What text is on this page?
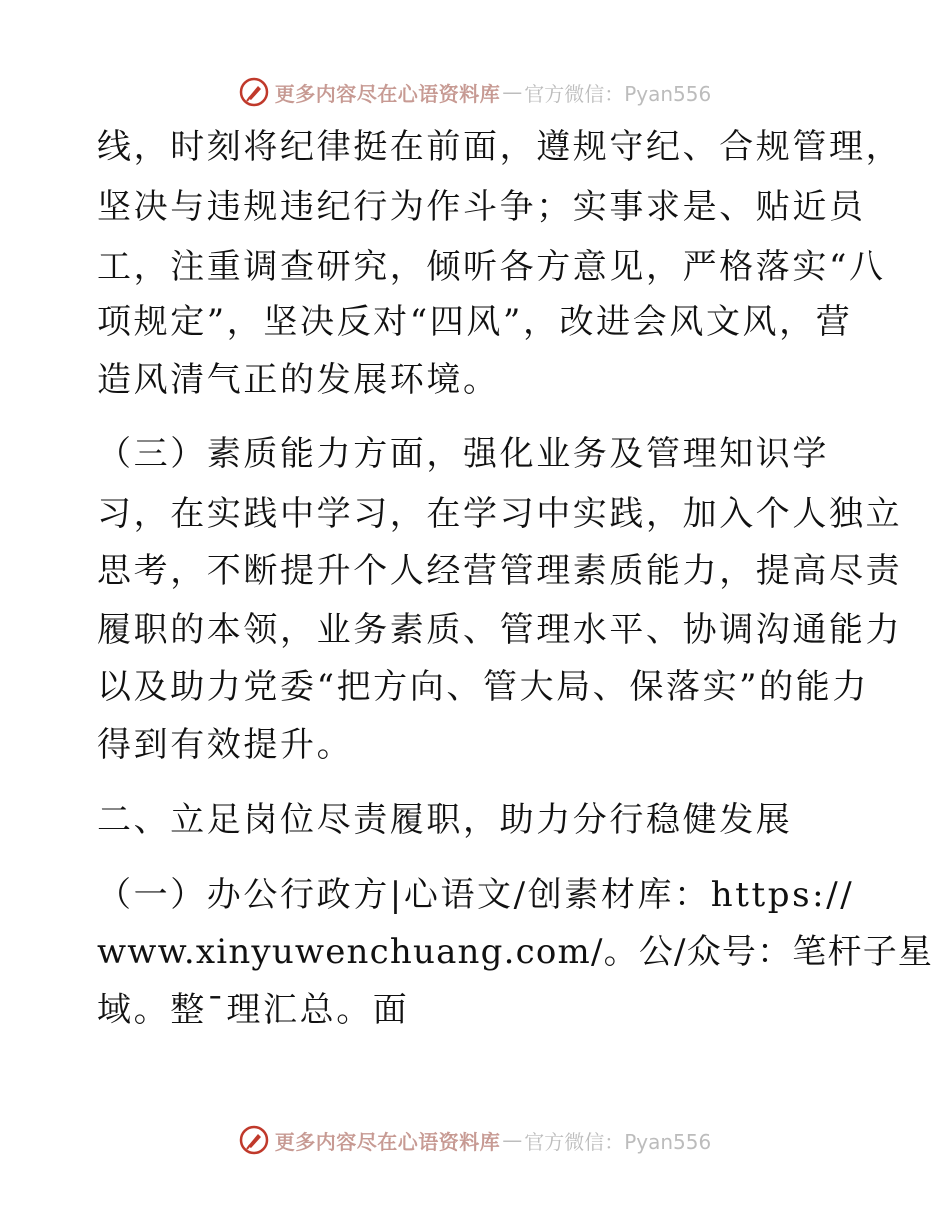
更多内容尽在心语资料库 — 官方微信：Pyan556
线，时刻将纪律挺在前面，遵规守纪、合规管理，
坚决与违规违纪行为作斗争；实事求是、贴近员
工，注重调查研究，倾听各方意见，严格落实“八
项规定”，坚决反对“四风”，改进会风文风，营
造风清气正的发展环境。
（三）素质能力方面，强化业务及管理知识学
习，在实践中学习，在学习中实践，加入个人独立
思考，不断提升个人经营管理素质能力，提高尽责
履职的本领，业务素质、管理水平、协调沟通能力
以及助力党委“把方向、管大局、保落实”的能力
得到有效提升。
二、立足岗位尽责履职，助力分行稳健发展
（一）办公行政方|心语文/创素材库：https://
www.xinyuwenchuang.com/。公/众号：笔杆子星
域。整¯理汇总。面
更多内容尽在心语资料库 — 官方微信：Pyan556
